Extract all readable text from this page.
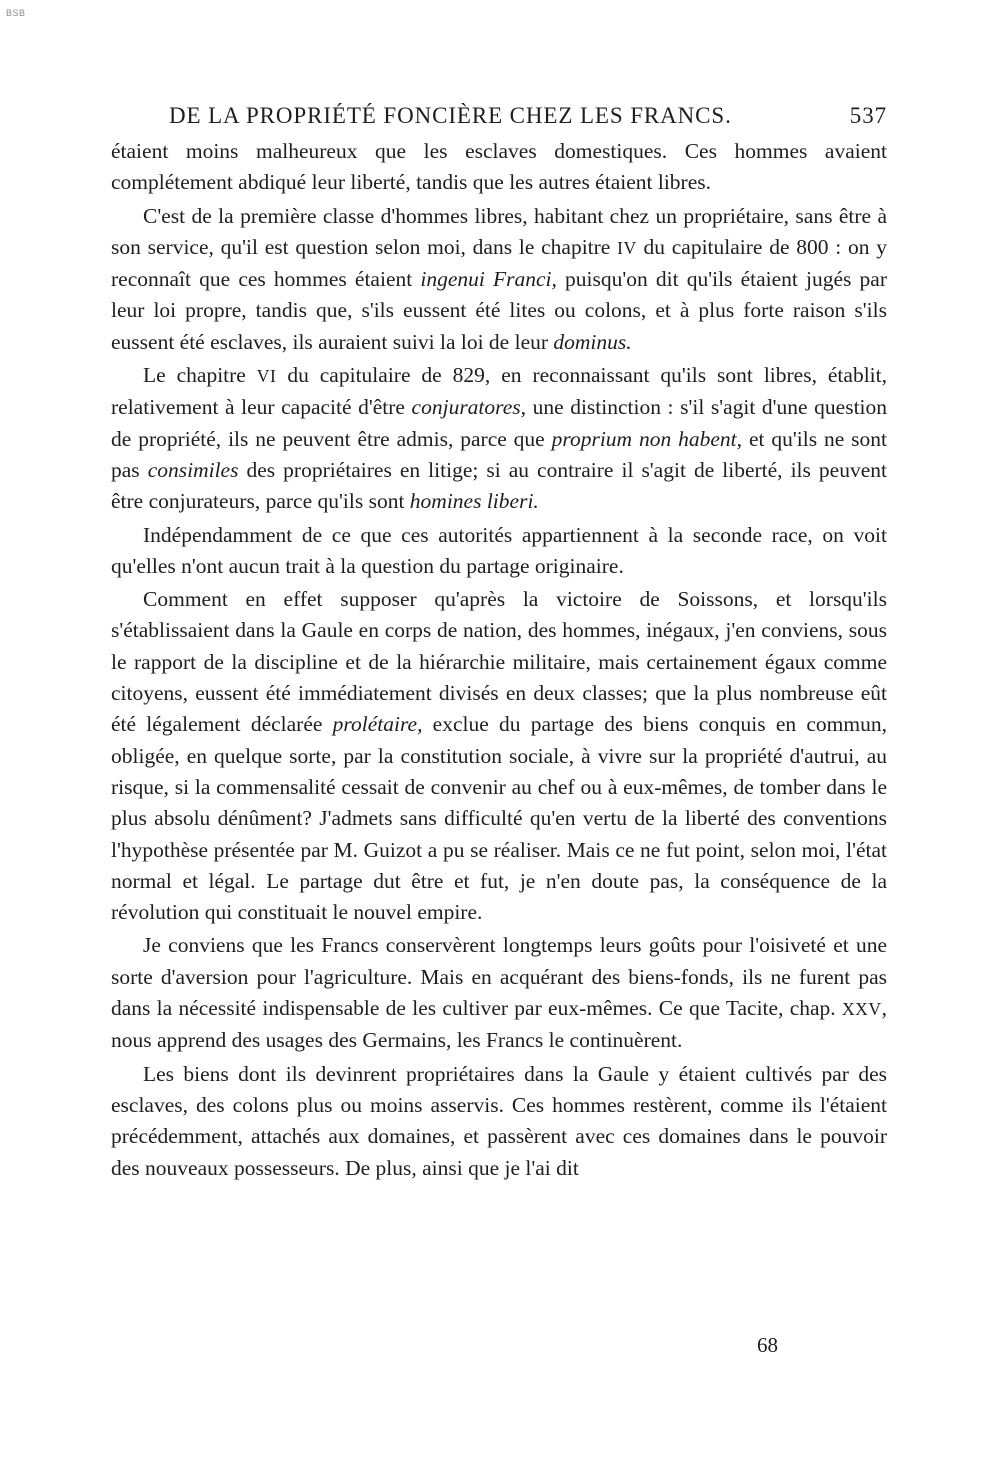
BSB
DE LA PROPRIÉTÉ FONCIÈRE CHEZ LES FRANCS.	537

étaient moins malheureux que les esclaves domestiques. Ces hommes avaient complétement abdiqué leur liberté, tandis que les autres étaient libres.

C'est de la première classe d'hommes libres, habitant chez un propriétaire, sans être à son service, qu'il est question selon moi, dans le chapitre IV du capitulaire de 800 : on y reconnaît que ces hommes étaient ingenui Franci, puisqu'on dit qu'ils étaient jugés par leur loi propre, tandis que, s'ils eussent été lites ou colons, et à plus forte raison s'ils eussent été esclaves, ils auraient suivi la loi de leur dominus.

Le chapitre VI du capitulaire de 829, en reconnaissant qu'ils sont libres, établit, relativement à leur capacité d'être conjuratores, une distinction : s'il s'agit d'une question de propriété, ils ne peuvent être admis, parce que proprium non habent, et qu'ils ne sont pas consimiles des propriétaires en litige; si au contraire il s'agit de liberté, ils peuvent être conjurateurs, parce qu'ils sont homines liberi.

Indépendamment de ce que ces autorités appartiennent à la seconde race, on voit qu'elles n'ont aucun trait à la question du partage originaire.

Comment en effet supposer qu'après la victoire de Soissons, et lorsqu'ils s'établissaient dans la Gaule en corps de nation, des hommes, inégaux, j'en conviens, sous le rapport de la discipline et de la hiérarchie militaire, mais certainement égaux comme citoyens, eussent été immédiatement divisés en deux classes; que la plus nombreuse eût été légalement déclarée prolétaire, exclue du partage des biens conquis en commun, obligée, en quelque sorte, par la constitution sociale, à vivre sur la propriété d'autrui, au risque, si la commensalité cessait de convenir au chef ou à eux-mêmes, de tomber dans le plus absolu dénûment? J'admets sans difficulté qu'en vertu de la liberté des conventions l'hypothèse présentée par M. Guizot a pu se réaliser. Mais ce ne fut point, selon moi, l'état normal et légal. Le partage dut être et fut, je n'en doute pas, la conséquence de la révolution qui constituait le nouvel empire.

Je conviens que les Francs conservèrent longtemps leurs goûts pour l'oisiveté et une sorte d'aversion pour l'agriculture. Mais en acquérant des biens-fonds, ils ne furent pas dans la nécessité indispensable de les cultiver par eux-mêmes. Ce que Tacite, chap. XXV, nous apprend des usages des Germains, les Francs le continuèrent.

Les biens dont ils devinrent propriétaires dans la Gaule y étaient cultivés par des esclaves, des colons plus ou moins asservis. Ces hommes restèrent, comme ils l'étaient précédemment, attachés aux domaines, et passèrent avec ces domaines dans le pouvoir des nouveaux possesseurs. De plus, ainsi que je l'ai dit

68
